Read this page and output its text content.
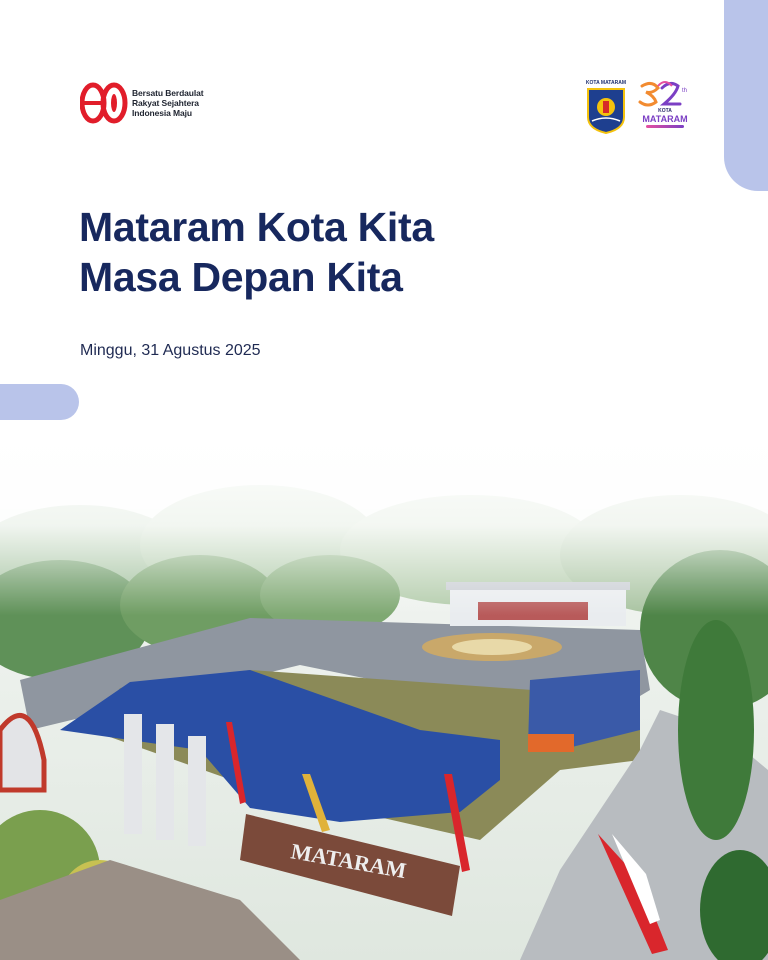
Bersatu Berdaulat
Rakyat Sejahtera
Indonesia Maju
KOTA MATARAM
th
KOTA
MATARAM
Mataram Kota Kita
Masa Depan Kita
Minggu, 31 Agustus 2025
